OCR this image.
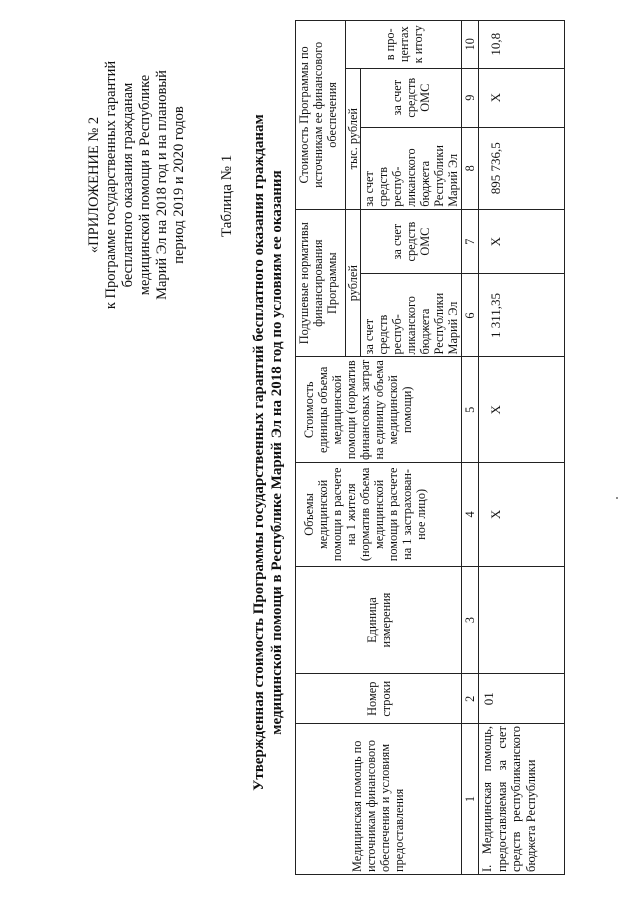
«ПРИЛОЖЕНИЕ № 2 к Программе государственных гарантий бесплатного оказания гражданам медицинской помощи в Республике Марий Эл на 2018 год и на плановый период 2019 и 2020 годов Таблица № 1 Утвержденная стоимость Программы государственных гарантий бесплатного оказания гражданам медицинской помощи в Республике Марий Эл на 2018 год по условиям ее оказания
Медицинская помощь по источникам финансового обеспечения и условиям предоставления	Номер строки	Единица измерения	Объемы медицинской помощи в расчете на 1 жителя (норматив объема медицинской помощи в расчете на 1 застрахован-ное лицо)	Стоимость единицы объема медицинской помощи (норматив финансовых затрат на единицу объема медицинской помощи)	Подушевые нормативы финансирования Программы		Стоимость Программы по источникам ее финансового обеспечения		
					рублей		тыс. рублей		в про-центах к итогу
					за счет средств респуб-ликанского бюджета Республики Марий Эл	за счет средств ОМС	за счет средств респуб-ликанского бюджета Республики Марий Эл	за счет средств ОМС	
1	2	3	4	5	6	7	8	9	10
I. Медицинская помощь, предоставляемая за счет средств республиканского бюджета Республики	01		Х	Х	1 311,35	Х	895 736,5	Х	10,8
